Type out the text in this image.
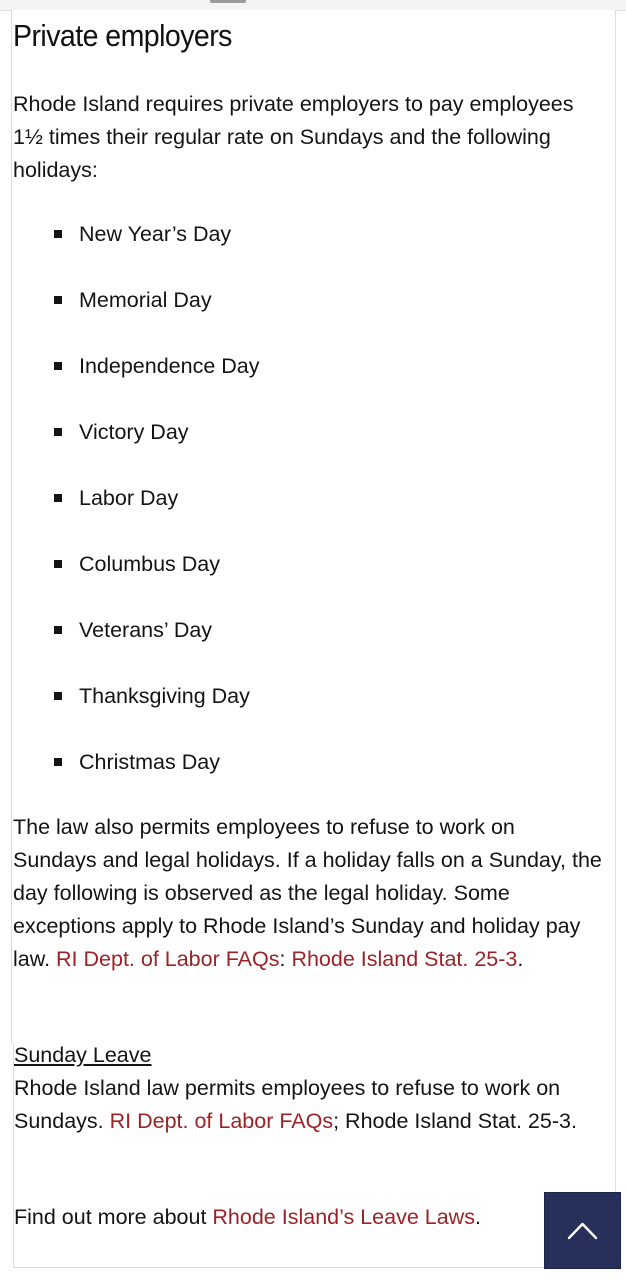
Private employers

Rhode Island requires private employers to pay employees 1½ times their regular rate on Sundays and the following holidays:

New Year’s Day
Memorial Day
Independence Day
Victory Day
Labor Day
Columbus Day
Veterans’ Day
Thanksgiving Day
Christmas Day

The law also permits employees to refuse to work on Sundays and legal holidays. If a holiday falls on a Sunday, the day following is observed as the legal holiday. Some exceptions apply to Rhode Island’s Sunday and holiday pay law. RI Dept. of Labor FAQs: Rhode Island Stat. 25-3.

Sunday Leave

Rhode Island law permits employees to refuse to work on Sundays. RI Dept. of Labor FAQs; Rhode Island Stat. 25-3.

Find out more about Rhode Island’s Leave Laws.
